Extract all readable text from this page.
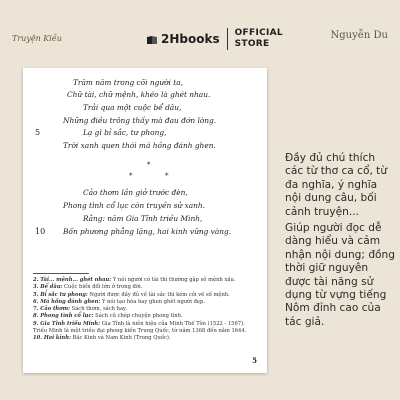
Truyện Kiều	2Hbooks OFFICIAL
STORE
Nguyễn Du
Trăm năm trong cõi người ta,
Chữ tài, chữ mệnh, khéo là ghét nhau.
Trải qua một cuộc bể dâu,
Những điều trông thấy mà đau đớn lòng.
5	Lạ gì bỉ sắc, tư phong,
Trời xanh quen thói má hồng đánh ghen.
*
*	*
Cảo thơm lần giở trước đèn,
Phong tình cổ lục còn truyền sử xanh.
Rằng: năm Gia Tĩnh triều Minh,
10 Bốn phương phẳng lặng, hai kinh vững vàng.

2. Tài... mệnh... ghét nhau: Ý nói người có tài thì thường gặp số mệnh xấu.

3. Bể dâu: Cuộc biến đổi lớn ở trong đời.

5. Bỉ sắc tư phong: Người được đầy đủ về tài sắc thì kém cỏi về số mệnh.

6. Má hồng đánh ghen: Ý nói tạo hóa hay ghen ghét người đẹp.

7. Cảo thơm: Sách thơm, sách hay.

8. Phong tình cổ lục: Sách cũ chép chuyện phong tình.

9. Gia Tĩnh triều Minh: Gia Tĩnh là niên hiệu của Minh Thế Tôn (1522 - 1567). Triều Minh là một triều đại phong kiến Trung Quốc, từ năm 1368 đến năm 1644.

10. Hai kinh: Bắc Kinh và Nam Kinh (Trung Quốc).

5
Đầy đủ chú thích các từ thơ ca cổ, từ đa nghĩa, ý nghĩa nội dung câu, bối cảnh truyện...
Giúp người đọc dễ dàng hiểu và cảm nhận nội dung; đồng thời giữ nguyên được tài năng sử dụng từ vựng tiếng Nôm đỉnh cao của tác giả.
